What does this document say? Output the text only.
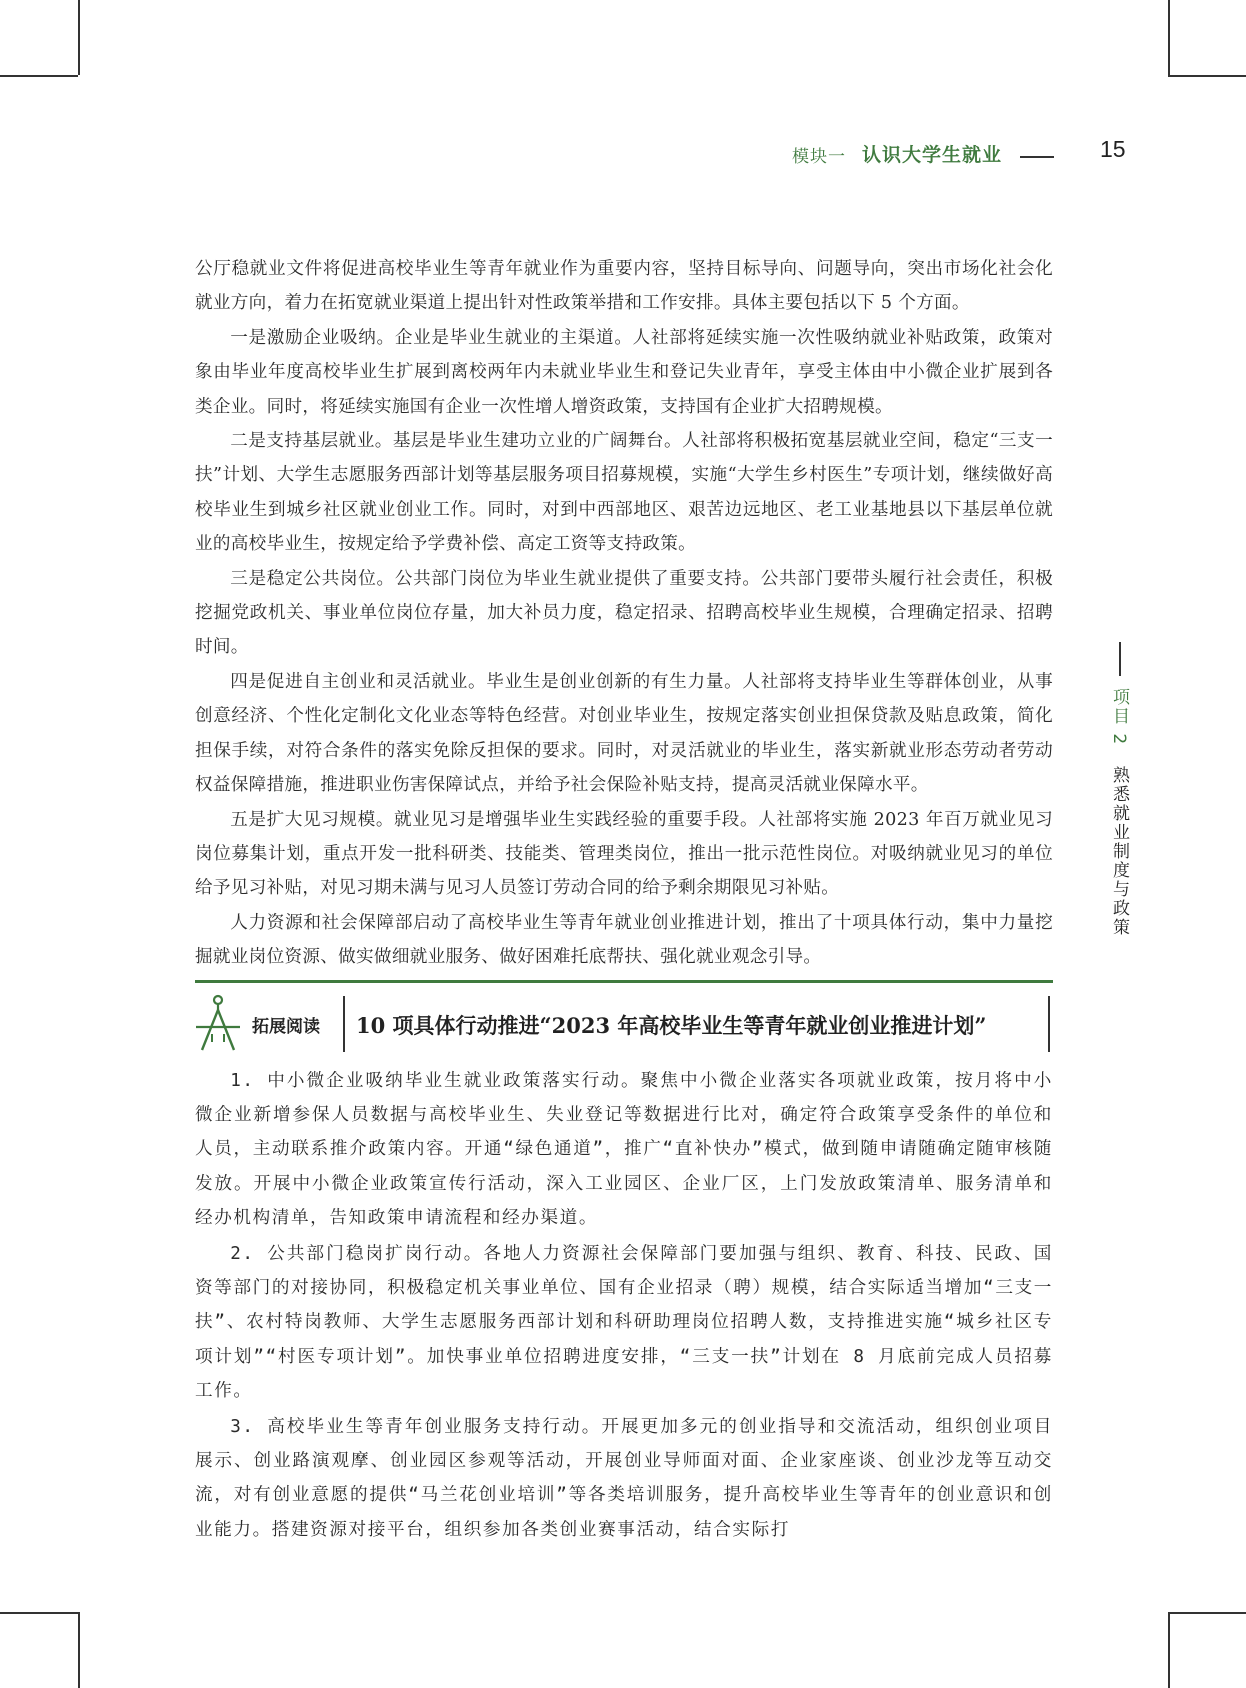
模块一 认识大学生就业	15
项目 2 熟悉就业制度与政策

公厅稳就业文件将促进高校毕业生等青年就业作为重要内容，坚持目标导向、问题导向，突出市场化社会化就业方向，着力在拓宽就业渠道上提出针对性政策举措和工作安排。具体主要包括以下 5 个方面。

一是激励企业吸纳。企业是毕业生就业的主渠道。人社部将延续实施一次性吸纳就业补贴政策，政策对象由毕业年度高校毕业生扩展到离校两年内未就业毕业生和登记失业青年，享受主体由中小微企业扩展到各类企业。同时，将延续实施国有企业一次性增人增资政策，支持国有企业扩大招聘规模。

二是支持基层就业。基层是毕业生建功立业的广阔舞台。人社部将积极拓宽基层就业空间，稳定“三支一扶”计划、大学生志愿服务西部计划等基层服务项目招募规模，实施“大学生乡村医生”专项计划，继续做好高校毕业生到城乡社区就业创业工作。同时，对到中西部地区、艰苦边远地区、老工业基地县以下基层单位就业的高校毕业生，按规定给予学费补偿、高定工资等支持政策。

三是稳定公共岗位。公共部门岗位为毕业生就业提供了重要支持。公共部门要带头履行社会责任，积极挖掘党政机关、事业单位岗位存量，加大补员力度，稳定招录、招聘高校毕业生规模，合理确定招录、招聘时间。

四是促进自主创业和灵活就业。毕业生是创业创新的有生力量。人社部将支持毕业生等群体创业，从事创意经济、个性化定制化文化业态等特色经营。对创业毕业生，按规定落实创业担保贷款及贴息政策，简化担保手续，对符合条件的落实免除反担保的要求。同时，对灵活就业的毕业生，落实新就业形态劳动者劳动权益保障措施，推进职业伤害保障试点，并给予社会保险补贴支持，提高灵活就业保障水平。

五是扩大见习规模。就业见习是增强毕业生实践经验的重要手段。人社部将实施 2023 年百万就业见习岗位募集计划，重点开发一批科研类、技能类、管理类岗位，推出一批示范性岗位。对吸纳就业见习的单位给予见习补贴，对见习期未满与见习人员签订劳动合同的给予剩余期限见习补贴。

人力资源和社会保障部启动了高校毕业生等青年就业创业推进计划，推出了十项具体行动，集中力量挖掘就业岗位资源、做实做细就业服务、做好困难托底帮扶、强化就业观念引导。

拓展阅读 10 项具体行动推进“2023 年高校毕业生等青年就业创业推进计划”

1. 中小微企业吸纳毕业生就业政策落实行动。聚焦中小微企业落实各项就业政策，按月将中小微企业新增参保人员数据与高校毕业生、失业登记等数据进行比对，确定符合政策享受条件的单位和人员，主动联系推介政策内容。开通“绿色通道”，推广“直补快办”模式，做到随申请随确定随审核随发放。开展中小微企业政策宣传行活动，深入工业园区、企业厂区，上门发放政策清单、服务清单和经办机构清单，告知政策申请流程和经办渠道。

2. 公共部门稳岗扩岗行动。各地人力资源社会保障部门要加强与组织、教育、科技、民政、国资等部门的对接协同，积极稳定机关事业单位、国有企业招录（聘）规模，结合实际适当增加“三支一扶”、农村特岗教师、大学生志愿服务西部计划和科研助理岗位招聘人数，支持推进实施“城乡社区专项计划”“村医专项计划”。加快事业单位招聘进度安排，“三支一扶”计划在 8 月底前完成人员招募工作。

3. 高校毕业生等青年创业服务支持行动。开展更加多元的创业指导和交流活动，组织创业项目展示、创业路演观摩、创业园区参观等活动，开展创业导师面对面、企业家座谈、创业沙龙等互动交流，对有创业意愿的提供“马兰花创业培训”等各类培训服务，提升高校毕业生等青年的创业意识和创业能力。搭建资源对接平台，组织参加各类创业赛事活动，结合实际打
